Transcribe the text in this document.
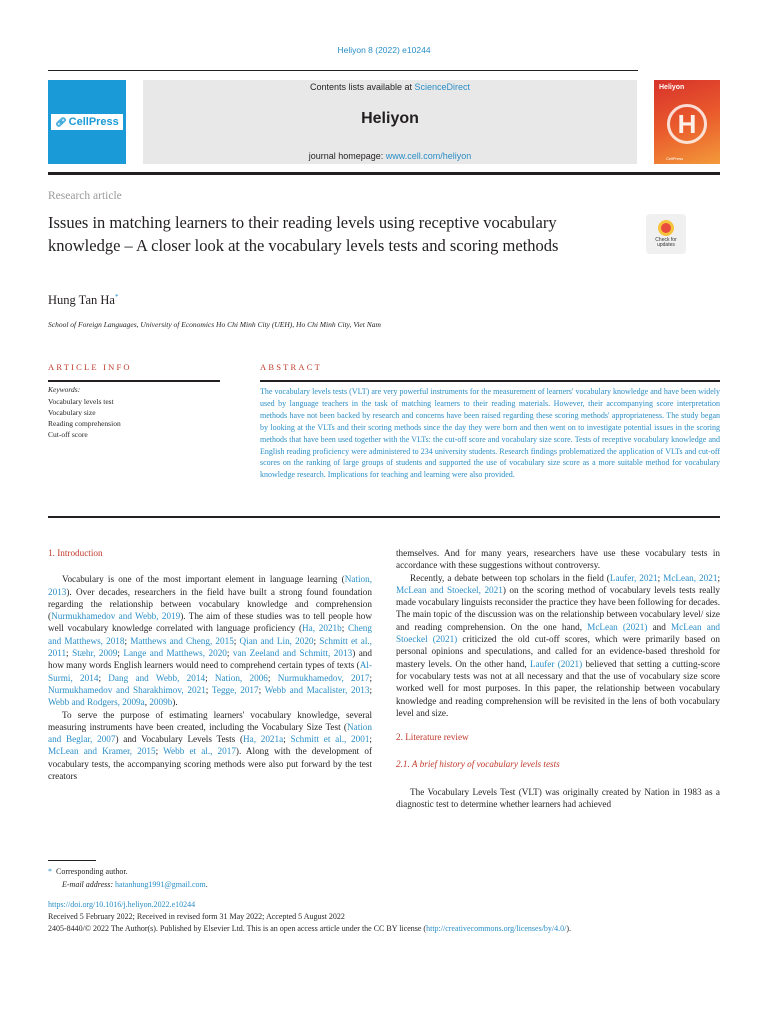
Heliyon 8 (2022) e10244
🔗︎ CellPress
Contents lists available at ScienceDirect
Heliyon
journal homepage: www.cell.com/heliyon
Heliyon
H
CellPress
Research article
Issues in matching learners to their reading levels using receptive vocabulary knowledge – A closer look at the vocabulary levels tests and scoring methods	Check for updates
Hung Tan Ha*
School of Foreign Languages, University of Economics Ho Chi Minh City (UEH), Ho Chi Minh City, Viet Nam
ARTICLE INFO
Keywords:
Vocabulary levels test
Vocabulary size
Reading comprehension
Cut-off score
ABSTRACT
The vocabulary levels tests (VLT) are very powerful instruments for the measurement of learners' vocabulary knowledge and have been widely used by language teachers in the task of matching learners to their reading materials. However, their accompanying score interpretation methods have not been backed by research and concerns have been raised regarding these scoring methods' appropriateness. The study began by looking at the VLTs and their scoring methods since the day they were born and then went on to investigate potential issues in the scoring methods that have been used together with the VLTs: the cut-off score and vocabulary size score. Tests of receptive vocabulary knowledge and English reading proficiency were administered to 234 university students. Research findings problematized the application of VLTs and cut-off scores on the ranking of large groups of students and supported the use of vocabulary size score as a more suitable method for vocabulary knowledge research. Implications for teaching and learning were also provided.

1. Introduction

Vocabulary is one of the most important element in language learning (Nation, 2013). Over decades, researchers in the field have built a strong found foundation regarding the relationship between vocabulary knowledge and comprehension (Nurmukhamedov and Webb, 2019). The aim of these studies was to tell people how well vocabulary knowledge correlated with language proficiency (Ha, 2021b; Cheng and Matthews, 2018; Matthews and Cheng, 2015; Qian and Lin, 2020; Schmitt et al., 2011; Stæhr, 2009; Lange and Matthews, 2020; van Zeeland and Schmitt, 2013) and how many words English learners would need to comprehend certain types of texts (Al-Surmi, 2014; Dang and Webb, 2014; Nation, 2006; Nurmukhamedov, 2017; Nurmukhamedov and Sharakhimov, 2021; Tegge, 2017; Webb and Macalister, 2013; Webb and Rodgers, 2009a, 2009b).

To serve the purpose of estimating learners' vocabulary knowledge, several measuring instruments have been created, including the Vocabulary Size Test (Nation and Beglar, 2007) and Vocabulary Levels Tests (Ha, 2021a; Schmitt et al., 2001; McLean and Kramer, 2015; Webb et al., 2017). Along with the development of vocabulary tests, the accompanying scoring methods were also put forward by the test creators

themselves. And for many years, researchers have use these vocabulary tests in accordance with these suggestions without controversy.

Recently, a debate between top scholars in the field (Laufer, 2021; McLean, 2021; McLean and Stoeckel, 2021) on the scoring method of vocabulary levels tests really made vocabulary linguists reconsider the practice they have been following for decades. The main topic of the discussion was on the relationship between vocabulary level/ size and reading comprehension. On the one hand, McLean (2021) and McLean and Stoeckel (2021) criticized the old cut-off scores, which were primarily based on personal opinions and speculations, and called for an evidence-based threshold for mastery levels. On the other hand, Laufer (2021) believed that setting a cutting-score for vocabulary tests was not at all necessary and that the use of vocabulary size score worked well for most purposes. In this paper, the relationship between vocabulary knowledge and reading comprehension will be revisited in the lens of both vocabulary level and size.

2. Literature review

2.1. A brief history of vocabulary levels tests

The Vocabulary Levels Test (VLT) was originally created by Nation in 1983 as a diagnostic test to determine whether learners had achieved

* Corresponding author.
E-mail address: hatanhung1991@gmail.com.
https://doi.org/10.1016/j.heliyon.2022.e10244
Received 5 February 2022; Received in revised form 31 May 2022; Accepted 5 August 2022
2405-8440/© 2022 The Author(s). Published by Elsevier Ltd. This is an open access article under the CC BY license (http://creativecommons.org/licenses/by/4.0/).
